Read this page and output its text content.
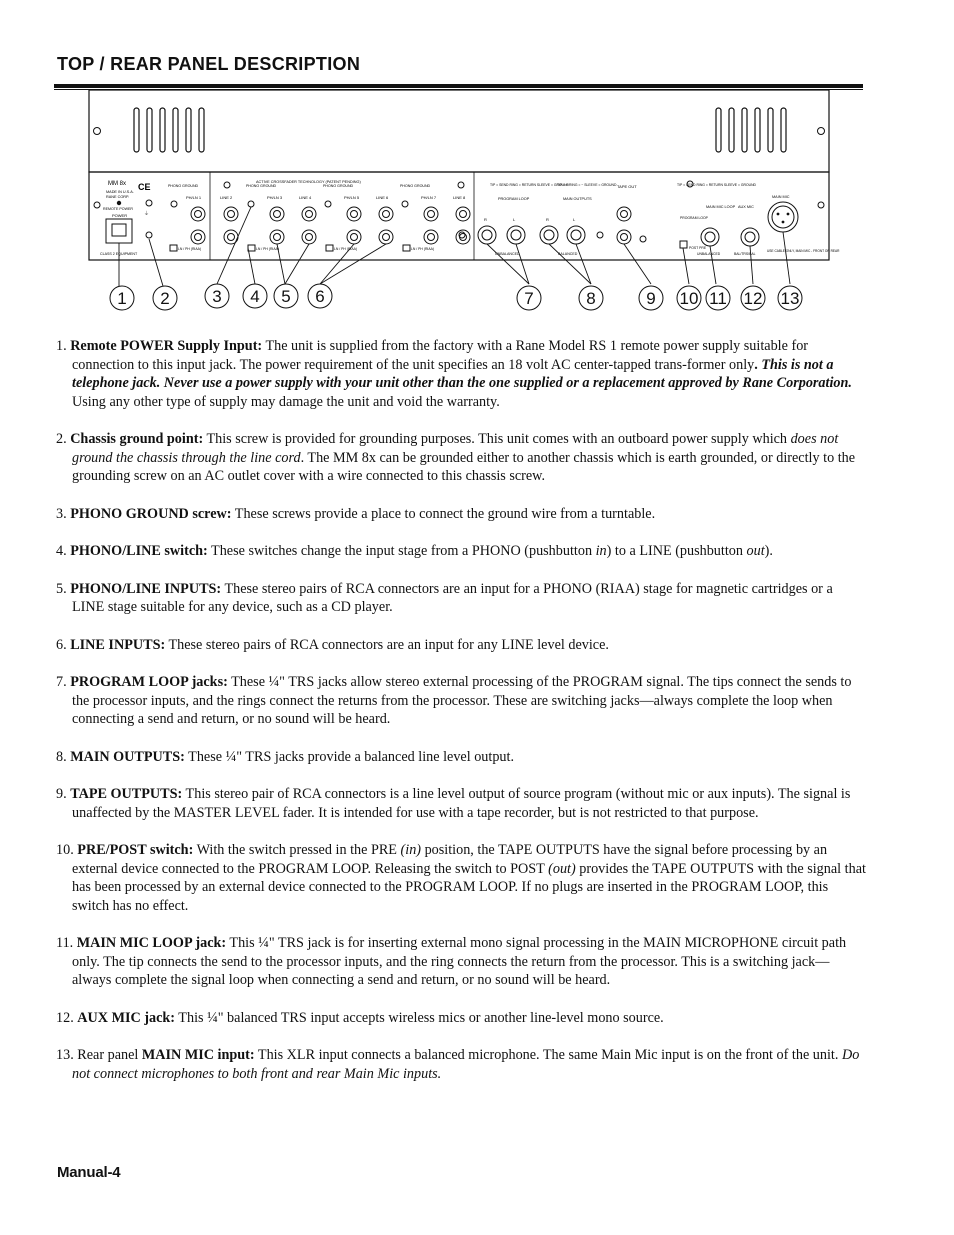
TOP / REAR PANEL DESCRIPTION
MM 8x
MADE IN U.S.A.
RANE CORP.
CE
REMOTE POWER
POWER
CLASS 2 EQUIPMENT
⏚
ACTIVE CROSSFADER TECHNOLOGY (PATENT PENDING)
PHONO GROUND
PH/LN 1	LINE 2
LN / PH (RIAA)
PHONO GROUND
PH/LN 3	LINE 4
LN / PH (RIAA)
PHONO GROUND
PH/LN 5	LINE 6
LN / PH (RIAA)
PHONO GROUND
PH/LN 7	LINE 8
LN / PH (RIAA)
TIP = SEND RING = RETURN SLEEVE = GROUND
PROGRAM LOOP
R	L
UNBALANCED
TIP = + RING = − SLEEVE = GROUND
MAIN OUTPUTS
R	L
BALANCED
TAPE OUT	TIP = SEND RING = RETURN SLEEVE = GROUND
PROGRAM LOOP
POST PRE
MAIN MIC LOOP
UNBALANCED
AUX MIC
BAL/TRS/BAL
MAIN MIC
USE CABLE ONLY, MAIN MIC - FRONT OR REAR
1 2	3 4 5 6	7	8	9 10 11 12 13

1. Remote POWER Supply Input: The unit is supplied from the factory with a Rane Model RS 1 remote power supply suitable for connection to this input jack. The power requirement of the unit specifies an 18 volt AC center-tapped trans-former only. This is not a telephone jack. Never use a power supply with your unit other than the one supplied or a replacement approved by Rane Corporation. Using any other type of supply may damage the unit and void the warranty.

2. Chassis ground point: This screw is provided for grounding purposes. This unit comes with an outboard power supply which does not ground the chassis through the line cord. The MM 8x can be grounded either to another chassis which is earth grounded, or directly to the grounding screw on an AC outlet cover with a wire connected to this chassis screw.

3. PHONO GROUND screw: These screws provide a place to connect the ground wire from a turntable.

4. PHONO/LINE switch: These switches change the input stage from a PHONO (pushbutton in) to a LINE (pushbutton out).

5. PHONO/LINE INPUTS: These stereo pairs of RCA connectors are an input for a PHONO (RIAA) stage for magnetic cartridges or a LINE stage suitable for any device, such as a CD player.

6. LINE INPUTS: These stereo pairs of RCA connectors are an input for any LINE level device.

7. PROGRAM LOOP jacks: These ¼" TRS jacks allow stereo external processing of the PROGRAM signal. The tips connect the sends to the processor inputs, and the rings connect the returns from the processor. These are switching jacks—always complete the loop when connecting a send and return, or no sound will be heard.

8. MAIN OUTPUTS: These ¼" TRS jacks provide a balanced line level output.

9. TAPE OUTPUTS: This stereo pair of RCA connectors is a line level output of source program (without mic or aux inputs). The signal is unaffected by the MASTER LEVEL fader. It is intended for use with a tape recorder, but is not restricted to that purpose.

10. PRE/POST switch: With the switch pressed in the PRE (in) position, the TAPE OUTPUTS have the signal before processing by an external device connected to the PROGRAM LOOP. Releasing the switch to POST (out) provides the TAPE OUTPUTS with the signal that has been processed by an external device connected to the PROGRAM LOOP. If no plugs are inserted in the PROGRAM LOOP, this switch has no effect.

11. MAIN MIC LOOP jack: This ¼" TRS jack is for inserting external mono signal processing in the MAIN MICROPHONE circuit path only. The tip connects the send to the processor inputs, and the ring connects the return from the processor. This is a switching jack—always complete the signal loop when connecting a send and return, or no sound will be heard.

12. AUX MIC jack: This ¼" balanced TRS input accepts wireless mics or another line-level mono source.

13. Rear panel MAIN MIC input: This XLR input connects a balanced microphone. The same Main Mic input is on the front of the unit. Do not connect microphones to both front and rear Main Mic inputs.

Manual-4
